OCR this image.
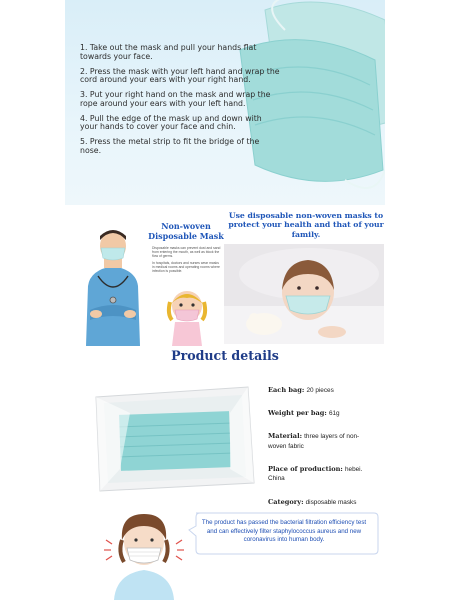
1. Take out the mask and pull your hands flat towards your face.
2. Press the mask with your left hand and wrap the cord around your ears with your right hand.
3. Put your right hand on the mask and wrap the rope around your ears with your left hand.
4. Pull the edge of the mask up and down with your hands to cover your face and chin.
5. Press the metal strip to fit the bridge of the nose.
Non-woven Disposable Mask

Disposable masks can prevent dust and sand from entering the mouth, as well as block the flow of germs.

In hospitals, doctors and nurses wear masks in medical rooms and operating rooms where infection is possible.

Use disposable non-woven masks to protect your health and that of your family.
Product details
Each bag: 20 pieces
Weight per bag: 61g
Material: three layers of non-woven fabric
Place of production: hebei. China
Category: disposable masks
The product has passed the bacterial filtration efficiency test and can effectively filter staphylococcus aureus and new coronavirus into human body.
